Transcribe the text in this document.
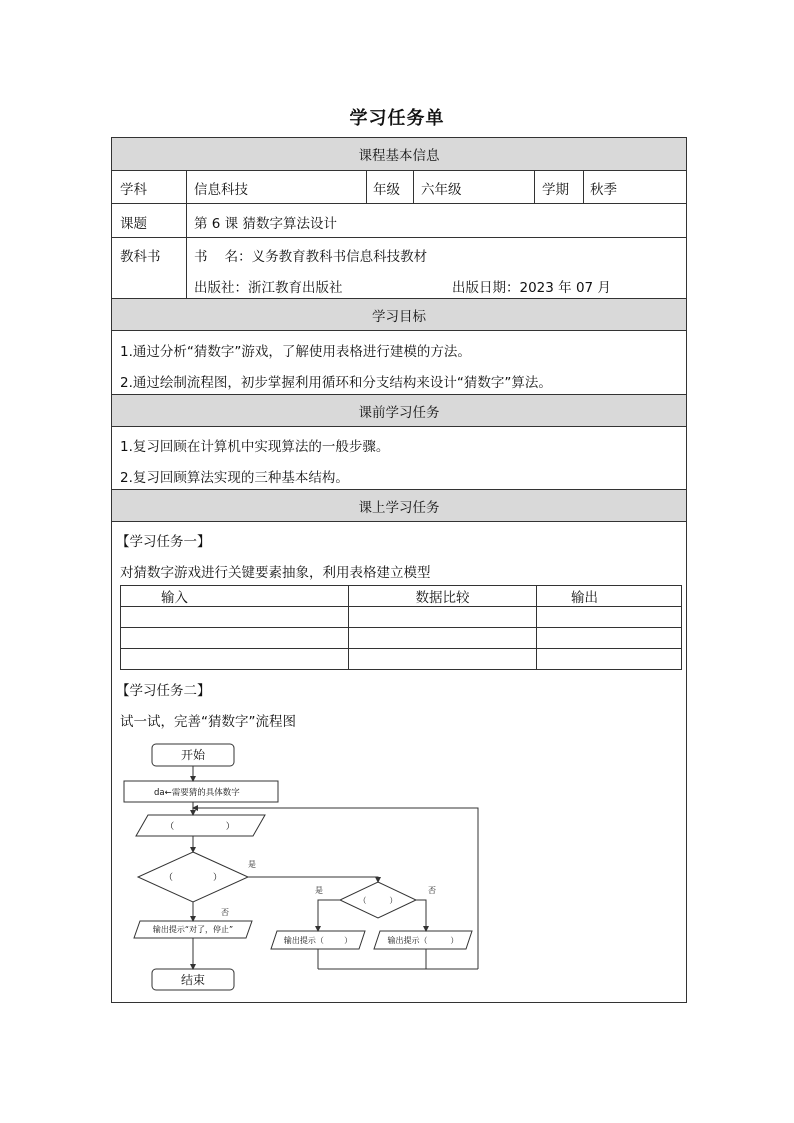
学习任务单
课程基本信息
学科	信息科技	年级 六年级	学期 秋季
课题	第 6 课 猜数字算法设计
教科书 书    名：义务教育教科书信息科技教材
出版社：浙江教育出版社	出版日期：2023 年 07 月
学习目标
1.通过分析“猜数字”游戏，了解使用表格进行建模的方法。
2.通过绘制流程图，初步掌握利用循环和分支结构来设计“猜数字”算法。
课前学习任务
1.复习回顾在计算机中实现算法的一般步骤。
2.复习回顾算法实现的三种基本结构。
课上学习任务
【学习任务一】
对猜数字游戏进行关键要素抽象，利用表格建立模型
输入	数据比较	输出

【学习任务二】
试一试，完善“猜数字”流程图
开始
da←需要猜的具体数字
（                  ）
（              ）
是
否
输出提示“对了，停止”
结束
（         ）
是	否
输出提示（        ）	输出提示（         ）
